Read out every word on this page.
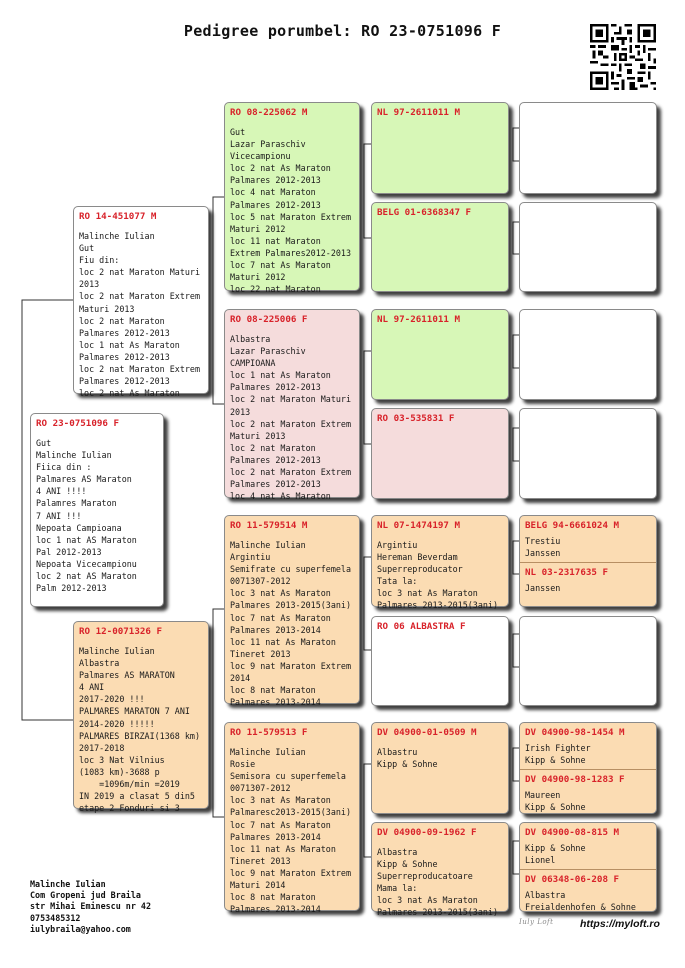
Pedigree porumbel: RO 23-0751096 F
RO 23-0751096 F
Gut
Malinche Iulian
Fiica din :
Palmares AS Maraton
4 ANI !!!!
Palamres Maraton
7 ANI !!!
Nepoata Campioana
loc 1 nat AS Maraton
Pal 2012-2013
Nepoata Vicecampionu
loc 2 nat AS Maraton
Palm 2012-2013
RO 14-451077 M
Malinche Iulian
Gut
Fiu din:
loc 2 nat Maraton Maturi
2013
loc 2 nat Maraton Extrem
Maturi 2013
loc 2 nat Maraton
Palmares 2012-2013
loc 1 nat As Maraton
Palmares 2012-2013
loc 2 nat Maraton Extrem
Palmares 2012-2013
loc 2 nat As Maraton
RO 12-0071326 F
Malinche Iulian
Albastra
Palmares AS MARATON
4 ANI
2017-2020 !!!
PALMARES MARATON 7 ANI
2014-2020 !!!!!
PALMARES BIRZAI(1368 km)
2017-2018
loc 3 Nat Vilnius
(1083 km)-3688 p
=1096m/min =2019
IN 2019 a clasat 5 din5
etape 2 Fonduri si 3
RO 08-225062 M
Gut
Lazar Paraschiv
Vicecampionu
loc 2 nat As Maraton
Palmares 2012-2013
loc 4 nat Maraton
Palmares 2012-2013
loc 5 nat Maraton Extrem
Maturi 2012
loc 11 nat Maraton
Extrem Palmares2012-2013
loc 7 nat As Maraton
Maturi 2012
loc 22 nat Maraton
RO 08-225006 F
Albastra
Lazar Paraschiv
CAMPIOANA
loc 1 nat As Maraton
Palmares 2012-2013
loc 2 nat Maraton Maturi
2013
loc 2 nat Maraton Extrem
Maturi 2013
loc 2 nat Maraton
Palmares 2012-2013
loc 2 nat Maraton Extrem
Palmares 2012-2013
loc 4 nat As Maraton
RO 11-579514 M
Malinche Iulian
Argintiu
Semifrate cu superfemela
0071307-2012
loc 3 nat As Maraton
Palmares 2013-2015(3ani)
loc 7 nat As Maraton
Palmares 2013-2014
loc 11 nat As Maraton
Tineret 2013
loc 9 nat Maraton Extrem
2014
loc 8 nat Maraton
Palmares 2013-2014
RO 11-579513 F
Malinche Iulian
Rosie
Semisora cu superfemela
0071307-2012
loc 3 nat As Maraton
Palmaresc2013-2015(3ani)
loc 7 nat As Maraton
Palmares 2013-2014
loc 11 nat As Maraton
Tineret 2013
loc 9 nat Maraton Extrem
Maturi 2014
loc 8 nat Maraton
Palmares 2013-2014
NL 97-2611011 M
BELG 01-6368347 F
NL 97-2611011 M
RO 03-535831 F
NL 07-1474197 M
Argintiu
Hereman Beverdam
Superreproducator
Tata la:
loc 3 nat As Maraton
Palmares 2013-2015(3ani)
RO 06 ALBASTRA F
DV 04900-01-0509 M
Albastru
Kipp & Sohne
DV 04900-09-1962 F
Albastra
Kipp & Sohne
Superreproducatoare
Mama la:
loc 3 nat As Maraton
Palmares 2013-2015(3ani)
BELG 94-6661024 M
Trestiu
Janssen
NL 03-2317635 F
Janssen
DV 04900-98-1454 M
Irish Fighter
Kipp & Sohne
DV 04900-98-1283 F
Maureen
Kipp & Sohne
DV 04900-08-815 M
Kipp & Sohne
Lionel
DV 06348-06-208 F
Albastra
Freialdenhofen & Sohne
Malinche Iulian
Com Gropeni jud Braila
str Mihai Eminescu nr 42
0753485312
iulybraila@yahoo.com
Iuly Loft	https://myloft.ro
